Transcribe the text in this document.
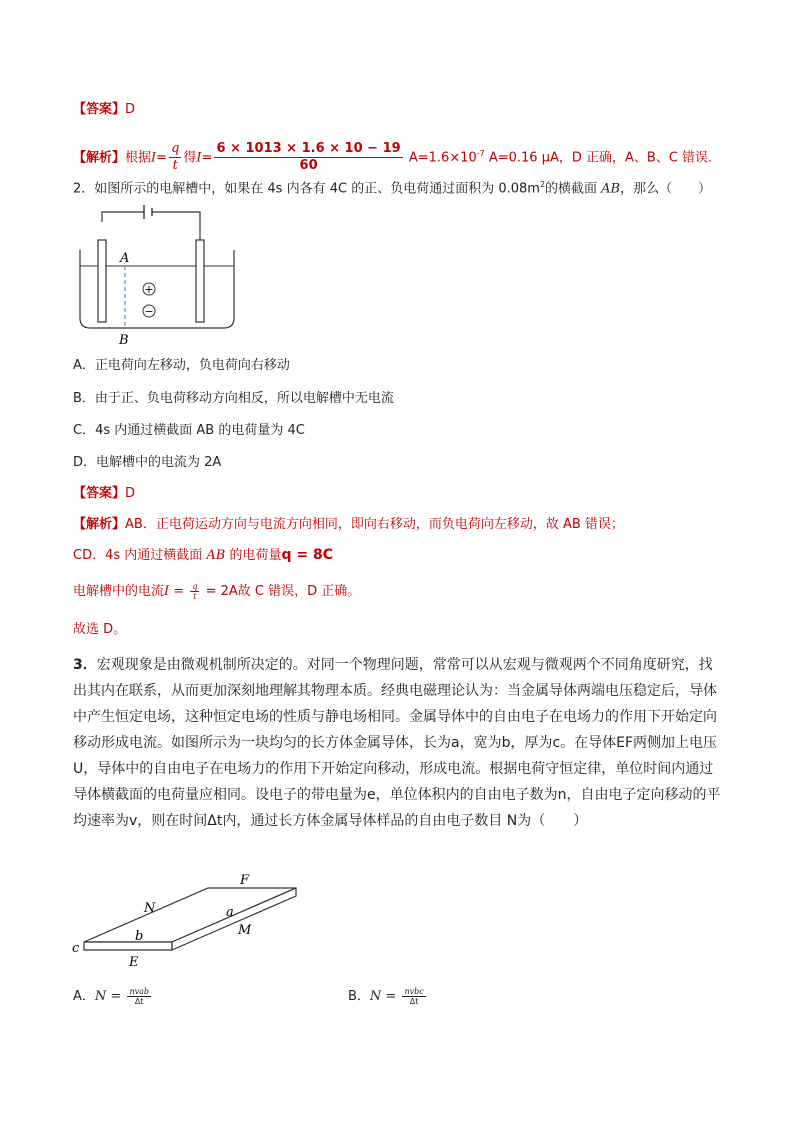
【答案】D
【解析】根据$I= \frac{q}{t}$ 得$I= \frac{6 \times 1013 \times 1.6 \times 10 - 19}{60} A=1.6\times 10^{-7}$ A=0.16 μA，D 正确，A、B、C 错误.
2．如图所示的电解槽中，如果在 4s 内各有 4C 的正、负电荷通过面积为 $0.08m^2$的横截面 AB，那么（　　）
+
−
A
B
A．正电荷向左移动，负电荷向右移动
B．由于正、负电荷移动方向相反，所以电解槽中无电流
C．4s 内通过横截面 AB 的电荷量为 4C
D．电解槽中的电流为 2A
【答案】D
【解析】AB．正电荷运动方向与电流方向相同，即向右移动，而负电荷向左移动，故 AB 错误；
CD．4s 内通过横截面 AB 的电荷量q = 8C
电解槽中的电流$I = \frac{q}{t} = 2A$故 C 错误，D 正确。
故选 D。
3．宏观现象是由微观机制所决定的。对同一个物理问题，常常可以从宏观与微观两个不同角度研究，找出其内在联系，从而更加深刻地理解其物理本质。经典电磁理论认为：当金属导体两端电压稳定后，导体中产生恒定电场，这种恒定电场的性质与静电场相同。金属导体中的自由电子在电场力的作用下开始定向移动形成电流。如图所示为一块均匀的长方体金属导体，长为a，宽为b，厚为c。在导体EF两侧加上电压U，导体中的自由电子在电场力的作用下开始定向移动，形成电流。根据电荷守恒定律，单位时间内通过导体横截面的电荷量应相同。设电子的带电量为e，单位体积内的自由电子数为n，自由电子定向移动的平均速率为v，则在时间Δt内，通过长方体金属导体样品的自由电子数目 N为（　　）
F
N	a
M
b
c
E
A．$N = \frac{\text{nvab}}{\Delta t}$	B．$N = \frac{\text{nvbc}}{\Delta t}$
